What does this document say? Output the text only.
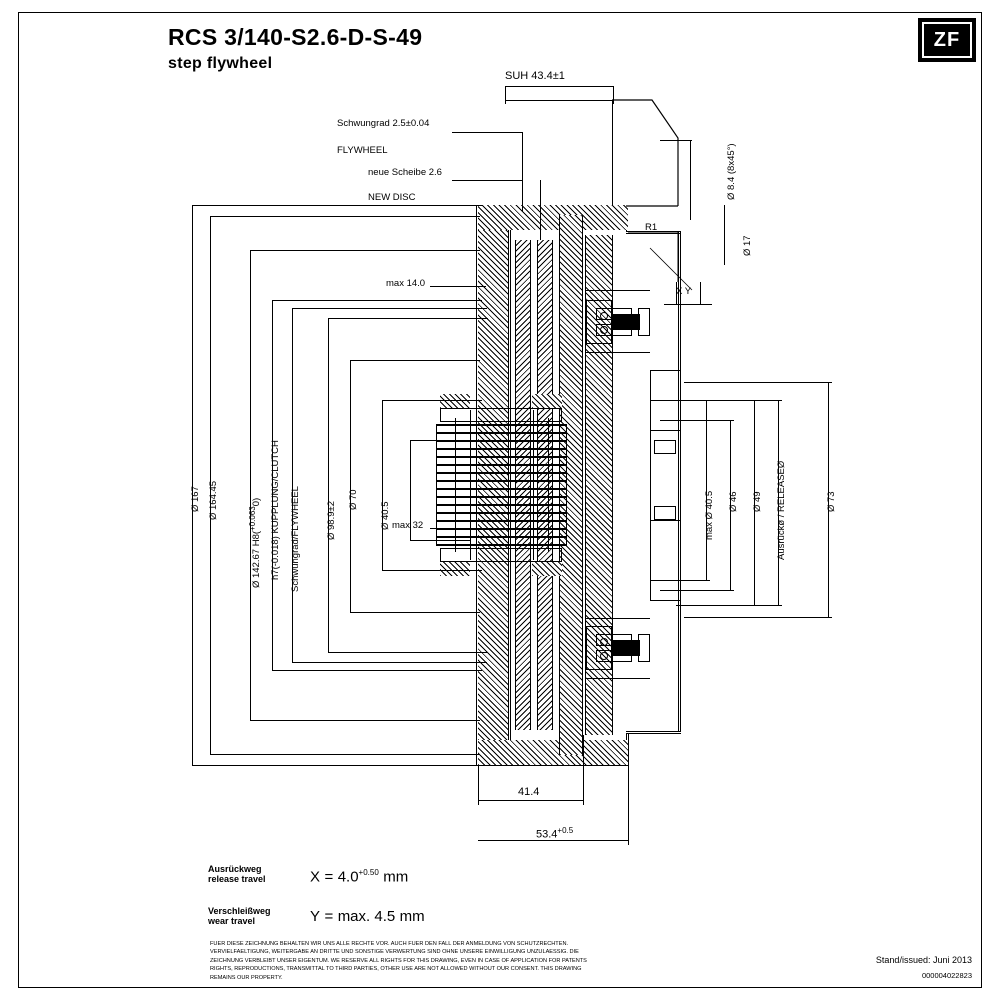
RCS 3/140-S2.6-D-S-49
step flywheel
ZF
SUH 43.4±1
Schwungrad 2.5±0.04
FLYWHEEL
neue Scheibe 2.6
NEW DISC	Ø 8.4 (8x45°)
Ø 17
R1
X Y
max 14.0
max 32
Ø 167 Ø 164.45
Ø 142.67 H8($^{+0.063}$0) h7(-0.018) KUPPLUNG/CLUTCH Schwungrad/FLYWHEEL	Ø 98.9±2
Ø 70
Ø 40.5	max Ø 40.5 Ø 46 Ø 49 Ausrückø / RELEASEØ	Ø 73
41.4
$53.4^{+0.5}$
Ausrückweg
release travel	$X = 4.0^{+0.50}$ mm
Verschleißweg
wear travel	Y = max. 4.5 mm
FUER DIESE ZEICHNUNG BEHALTEN WIR UNS ALLE RECHTE VOR. AUCH FUER DEN FALL DER ANMELDUNG VON SCHUTZRECHTEN. VERVIELFAELTIGUNG, WEITERGABE AN DRITTE UND SONSTIGE VERWERTUNG SIND OHNE UNSERE EINWILLIGUNG UNZULAESSIG. DIE ZEICHNUNG VERBLEIBT UNSER EIGENTUM. WE RESERVE ALL RIGHTS FOR THIS DRAWING, EVEN IN CASE OF APPLICATION FOR PATENTS RIGHTS, REPRODUCTIONS, TRANSMITTAL TO THIRD PARTIES, OTHER USE ARE NOT ALLOWED WITHOUT OUR CONSENT. THIS DRAWING REMAINS OUR PROPERTY.
Stand/issued: Juni 2013
000004022823
